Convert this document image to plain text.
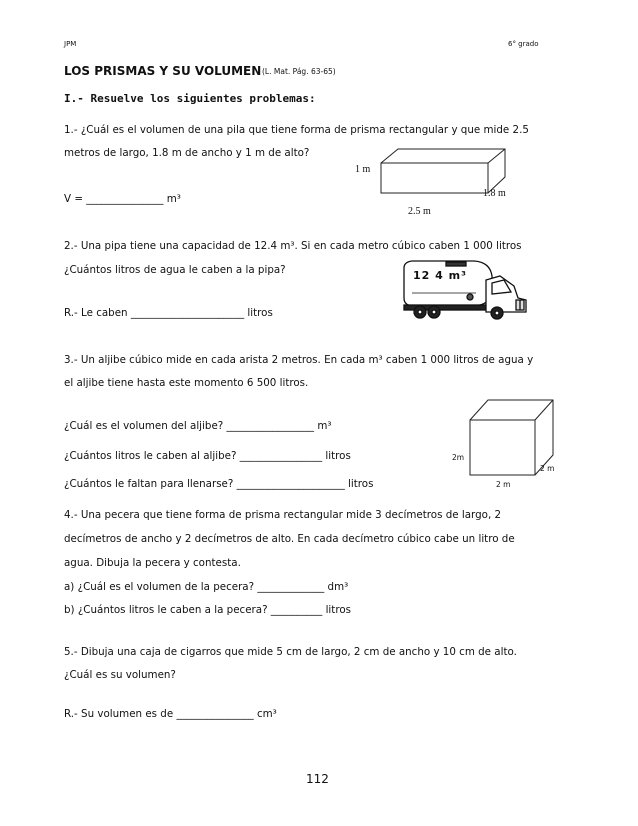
JPM	6° grado
LOS PRISMAS Y SU VOLUMEN (L. Mat. Pág. 63-65)
I.- Resuelve los siguientes problemas:
1.- ¿Cuál es el volumen de una pila que tiene forma de prisma rectangular y que mide 2.5
metros de largo, 1.8 m de ancho y 1 m de alto?
V = _______________ m³
1 m
1.8 m
2.5 m
2.- Una pipa tiene una capacidad de 12.4 m³. Si en cada metro cúbico caben 1 000 litros
¿Cuántos litros de agua le caben a la pipa?
R.- Le caben ______________________ litros
12 4 m³
3.- Un aljibe cúbico mide en cada arista 2 metros. En cada m³ caben 1 000 litros de agua y
el aljibe tiene hasta este momento 6 500 litros.
¿Cuál es el volumen del aljibe? _________________ m³
¿Cuántos litros le caben al aljibe? ________________ litros
¿Cuántos le faltan para llenarse? _____________________ litros
2m
2 m
2 m
4.- Una pecera que tiene forma de prisma rectangular mide 3 decímetros de largo, 2
decímetros de ancho y 2 decímetros de alto. En cada decímetro cúbico cabe un litro de
agua. Dibuja la pecera y contesta.
a) ¿Cuál es el volumen de la pecera? _____________ dm³
b) ¿Cuántos litros le caben a la pecera? __________ litros
5.- Dibuja una caja de cigarros que mide 5 cm de largo, 2 cm de ancho y 10 cm de alto.
¿Cuál es su volumen?
R.- Su volumen es de _______________ cm³
112
